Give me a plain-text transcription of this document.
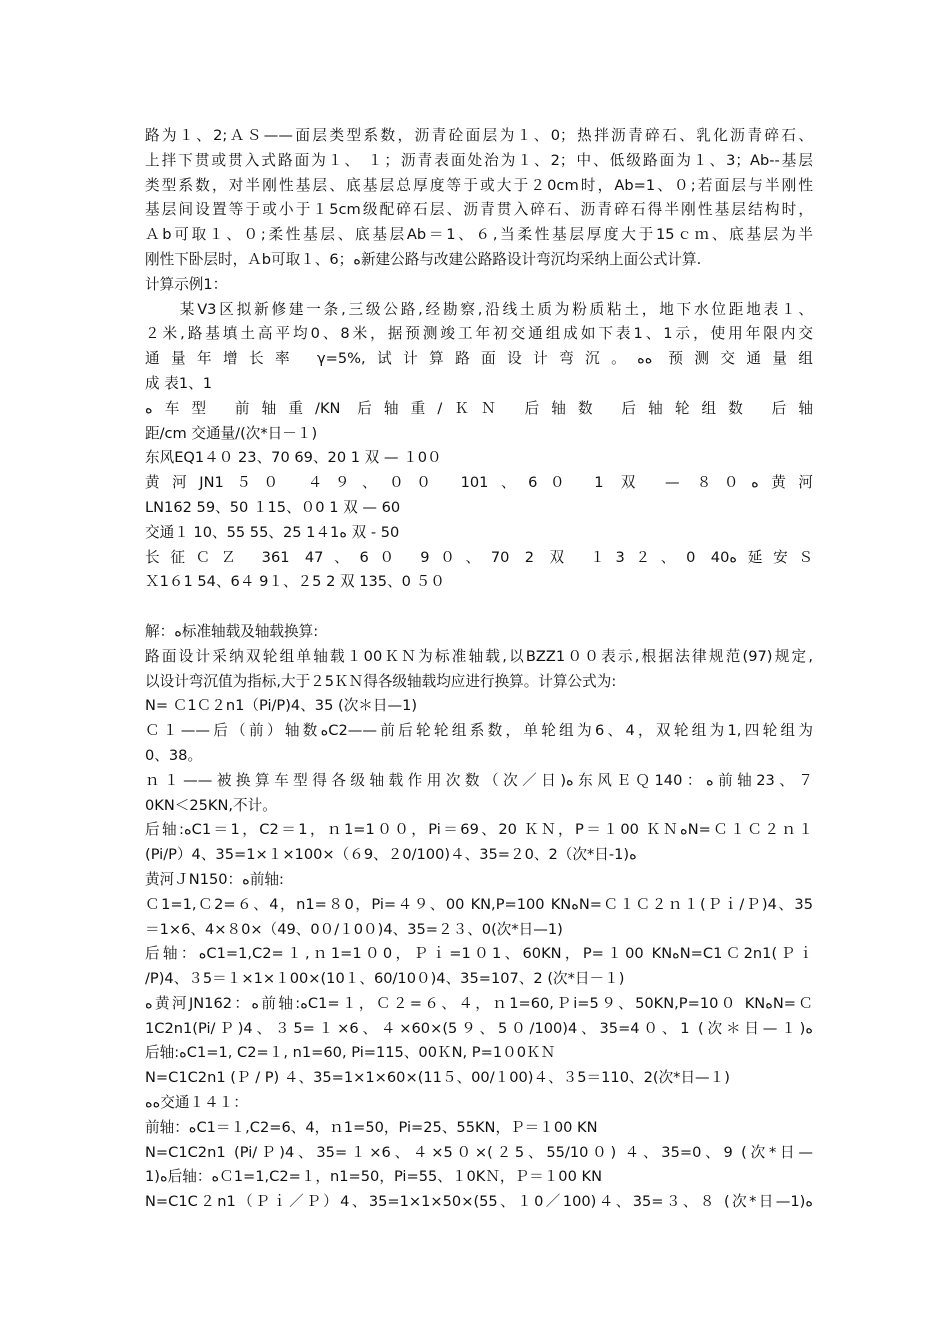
路为１、2;ＡＳ——面层类型系数，沥青砼面层为１、0；热拌沥青碎石、乳化沥青碎石、
上拌下贯或贯入式路面为１、 １；沥青表面处治为１、2；中、低级路面为１、3；Ab--基层
类型系数，对半刚性基层、底基层总厚度等于或大于２0cm时，Ab=1、０;若面层与半刚性
基层间设置等于或小于１5cm级配碎石层、沥青贯入碎石、沥青碎石得半刚性基层结构时，
Ａb可取１、０;柔性基层、底基层Ab＝1、６,当柔性基层厚度大于15ｃｍ、底基层为半
刚性下卧层时，Ａb可取１、6；ﻩ新建公路与改建公路路设计弯沉均采纳上面公式计算.
计算示例1：
　　某V3区拟新修建一条,三级公路,经勘察,沿线土质为粉质粘土，地下水位距地表１、
２米,路基填土高平均0、8米，据预测竣工年初交通组成如下表1、1示，使用年限内交
通量年增长率 γ=5%,试计算路面设计弯沉。ﻩﻩ 预测交通量组
成 表1、1
ﻩ车型 前轴重/KN 后轴重/ＫＮ 后轴数 后轴轮组数 后轴
距/cm 交通量/(次*日－１)
东风EQ1４０ 23、70 69、20 1 双 — １0０
黄河JN1５０ ４９、００ 101、6０ 1 双 — ８０ﻩ黄河
LN162 59、50 １15、０0 1 双 — 60
交通１ 10、55 55、25 1４1ﻩ 双 - 50
长征ＣＺ 361 47、6０ 9０、70 2 双 １3２、0 40ﻩ延安Ｓ
Ｘ1６1 54、6４ 9１、２5 2 双 135、0 ５０
解：ﻩ标准轴载及轴载换算:
路面设计采纳双轮组单轴载１00ＫＮ为标准轴载,以BZZ1００表示,根据法律规范(97)规定,
以设计弯沉值为指标,大于２5ＫＮ得各级轴载均应进行换算。计算公式为:
N= Ｃ1Ｃ２n1（Pi/P)4、35 (次＊日—1)
Ｃ１——后（前）轴数ﻩC2——前后轮轮组系数，单轮组为6、4，双轮组为1,四轮组为
0、38。
ｎ１——被换算车型得各级轴载作用次数（次／日)ﻩ东风ＥＱ140：ﻩ前轴23、７
0KN＜25KN,不计。
后轴:ﻩC1＝1，C2＝1，ｎ1=1００，Pi＝69、20 ＫＮ，P＝１00 ＫＮﻩN=Ｃ１Ｃ２ｎ１
(Pi/P）4、35=1×１×100×（６9、２0/100)４、35=２0、2（次*日-1)ﻩ
黄河ＪN150：ﻩ前轴:
Ｃ1=1,Ｃ2=６、4，n1=８0，Pi=４９、00 KN,P=100 KNﻩN=Ｃ１Ｃ２ｎ１(Ｐｉ/Ｐ)4、35
＝1×6、4×８0×（49、0０/１0０)4、35=２３、0(次*日—1)
后轴：ﻩC1=1,C2=１,ｎ1=1０0，Ｐｉ=1０1、60KN，P=１00 KNﻩN=C1Ｃ2n1(Ｐｉ
/P)4、３5＝１×1×１00×(10１、60/10０)4、35=107、2 (次*日－１)
ﻩ黄河JN162：ﻩ前轴:ﻩC1=１，Ｃ２=６、４，ｎ1=60,Ｐi=5９、50KN,P=10０ KNﻩN=Ｃ
1C2n1(Pi/Ｐ)4、３5=１×6、４×60×(5９、5０/100)4、35=4０、1 (次＊日—１)ﻩ
后轴:ﻩC1=1, C2=１, n1=60, Pi=115、00ＫN, P=1０0ＫＮ
N=C1C2n1 (Ｐ / P) ４、35=1×1×60×(11５、00/１00)４、３5＝110、2(次*日—１)
ﻩﻩ交通１４１：
前轴：ﻩC1＝１,C2=6、4，ｎ1=50，Pi=25、55KN，Ｐ＝１00 KN
N=C1C2n1 (Pi/Ｐ)4、35=１×6、４×5０×(２5、55/10０) ４、35=0、9 (次*日—
1)ﻩ后轴：ﻩＣ1=1,C2=１，n1=50，Pi=55、１0KＮ，Ｐ＝１00 KN
N=C1C２n1（Ｐｉ／Ｐ）4、35=1×1×50×(55、１0／100)４、35=３、８ (次*日—1)ﻩ
